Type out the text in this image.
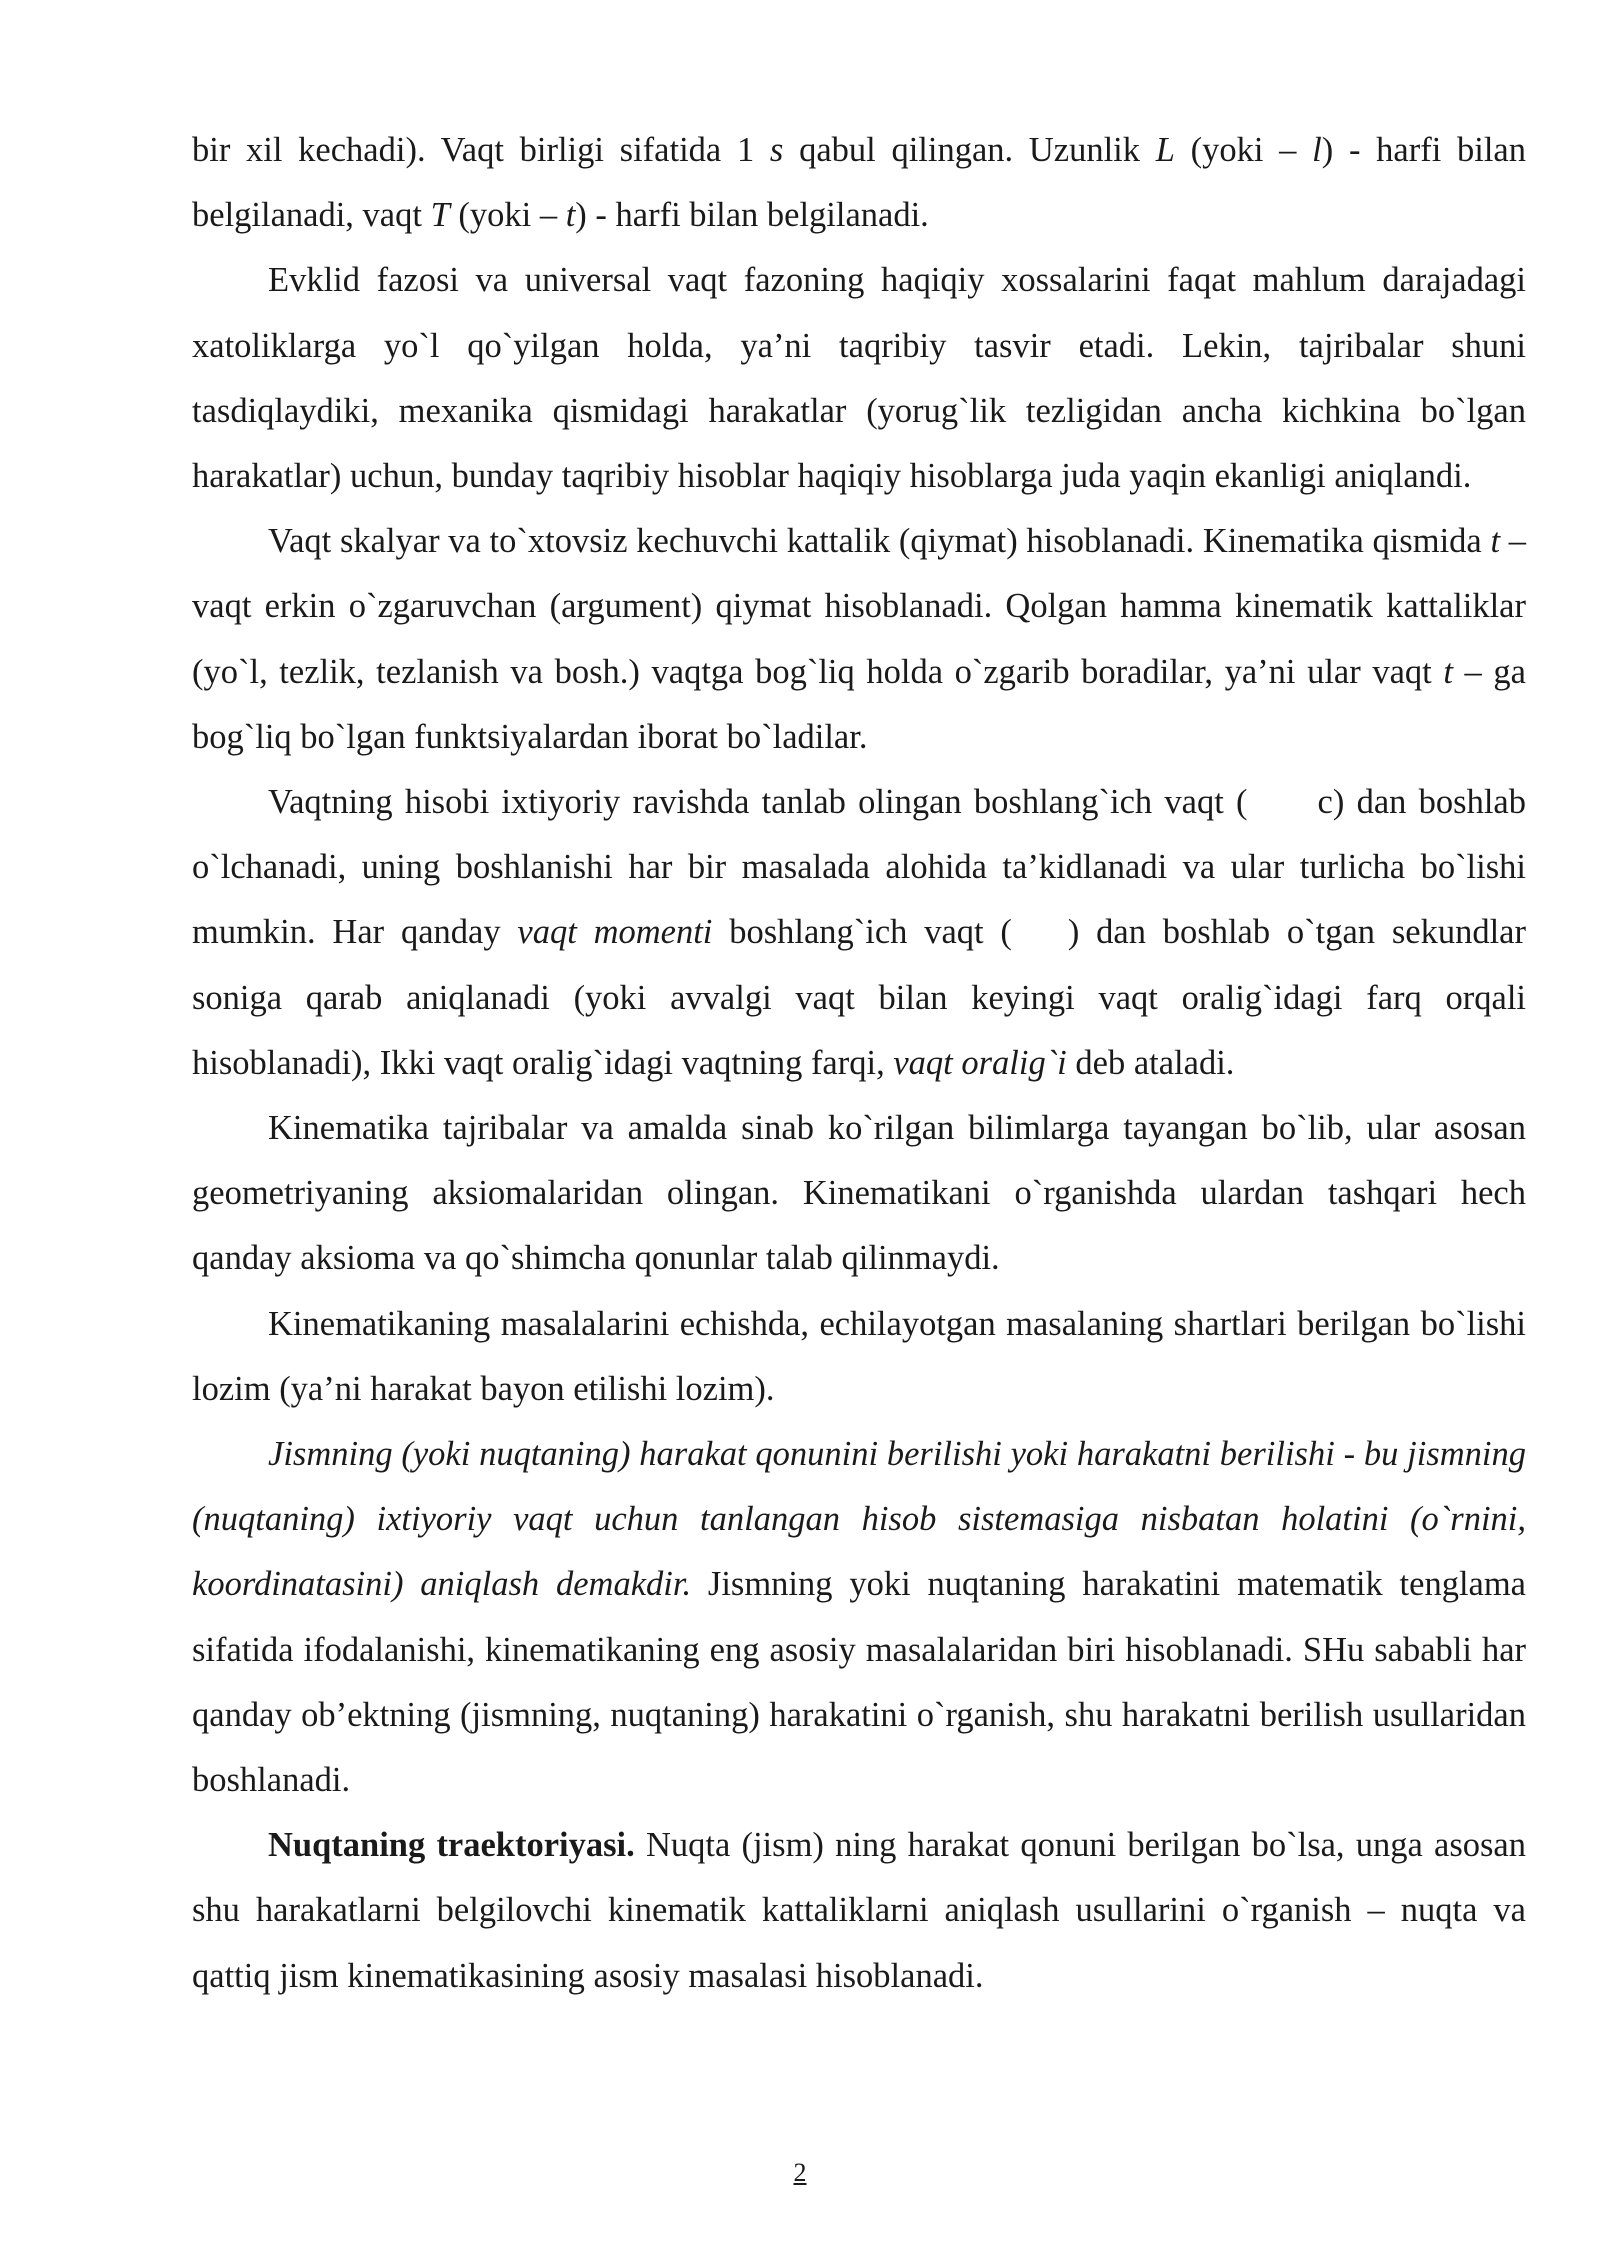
bir xil kechadi). Vaqt birligi sifatida 1 s qabul qilingan. Uzunlik L (yoki – l) - harfi bilan belgilanadi, vaqt T (yoki – t) - harfi bilan belgilanadi.

Evklid fazosi va universal vaqt fazoning haqiqiy xossalarini faqat mahlum darajadagi xatoliklarga yo`l qo`yilgan holda, ya’ni taqribiy tasvir etadi. Lekin, tajribalar shuni tasdiqlaydiki, mexanika qismidagi harakatlar (yorug`lik tezligidan ancha kichkina bo`lgan harakatlar) uchun, bunday taqribiy hisoblar haqiqiy hisoblarga juda yaqin ekanligi aniqlandi.

Vaqt skalyar va to`xtovsiz kechuvchi kattalik (qiymat) hisoblanadi. Kinematika qismida t – vaqt erkin o`zgaruvchan (argument) qiymat hisoblanadi. Qolgan hamma kinematik kattaliklar (yo`l, tezlik, tezlanish va bosh.) vaqtga bog`liq holda o`zgarib boradilar, ya’ni ular vaqt t – ga bog`liq bo`lgan funktsiyalardan iborat bo`ladilar.

Vaqtning hisobi ixtiyoriy ravishda tanlab olingan boshlang`ich vaqt ( c) dan boshlab o`lchanadi, uning boshlanishi har bir masalada alohida ta’kidlanadi va ular turlicha bo`lishi mumkin. Har qanday vaqt momenti boshlang`ich vaqt ( ) dan boshlab o`tgan sekundlar soniga qarab aniqlanadi (yoki avvalgi vaqt bilan keyingi vaqt oralig`idagi farq orqali hisoblanadi), Ikki vaqt oralig`idagi vaqtning farqi, vaqt oralig`i deb ataladi.

Kinematika tajribalar va amalda sinab ko`rilgan bilimlarga tayangan bo`lib, ular asosan geometriyaning aksiomalaridan olingan. Kinematikani o`rganishda ulardan tashqari hech qanday aksioma va qo`shimcha qonunlar talab qilinmaydi.

Kinematikaning masalalarini echishda, echilayotgan masalaning shartlari berilgan bo`lishi lozim (ya’ni harakat bayon etilishi lozim).

Jismning (yoki nuqtaning) harakat qonunini berilishi yoki harakatni berilishi - bu jismning (nuqtaning) ixtiyoriy vaqt uchun tanlangan hisob sistemasiga nisbatan holatini (o`rnini, koordinatasini) aniqlash demakdir. Jismning yoki nuqtaning harakatini matematik tenglama sifatida ifodalanishi, kinematikaning eng asosiy masalalaridan biri hisoblanadi. SHu sababli har qanday ob’ektning (jismning, nuqtaning) harakatini o`rganish, shu harakatni berilish usullaridan boshlanadi.

Nuqtaning traektoriyasi. Nuqta (jism) ning harakat qonuni berilgan bo`lsa, unga asosan shu harakatlarni belgilovchi kinematik kattaliklarni aniqlash usullarini o`rganish – nuqta va qattiq jism kinematikasining asosiy masalasi hisoblanadi.

2
